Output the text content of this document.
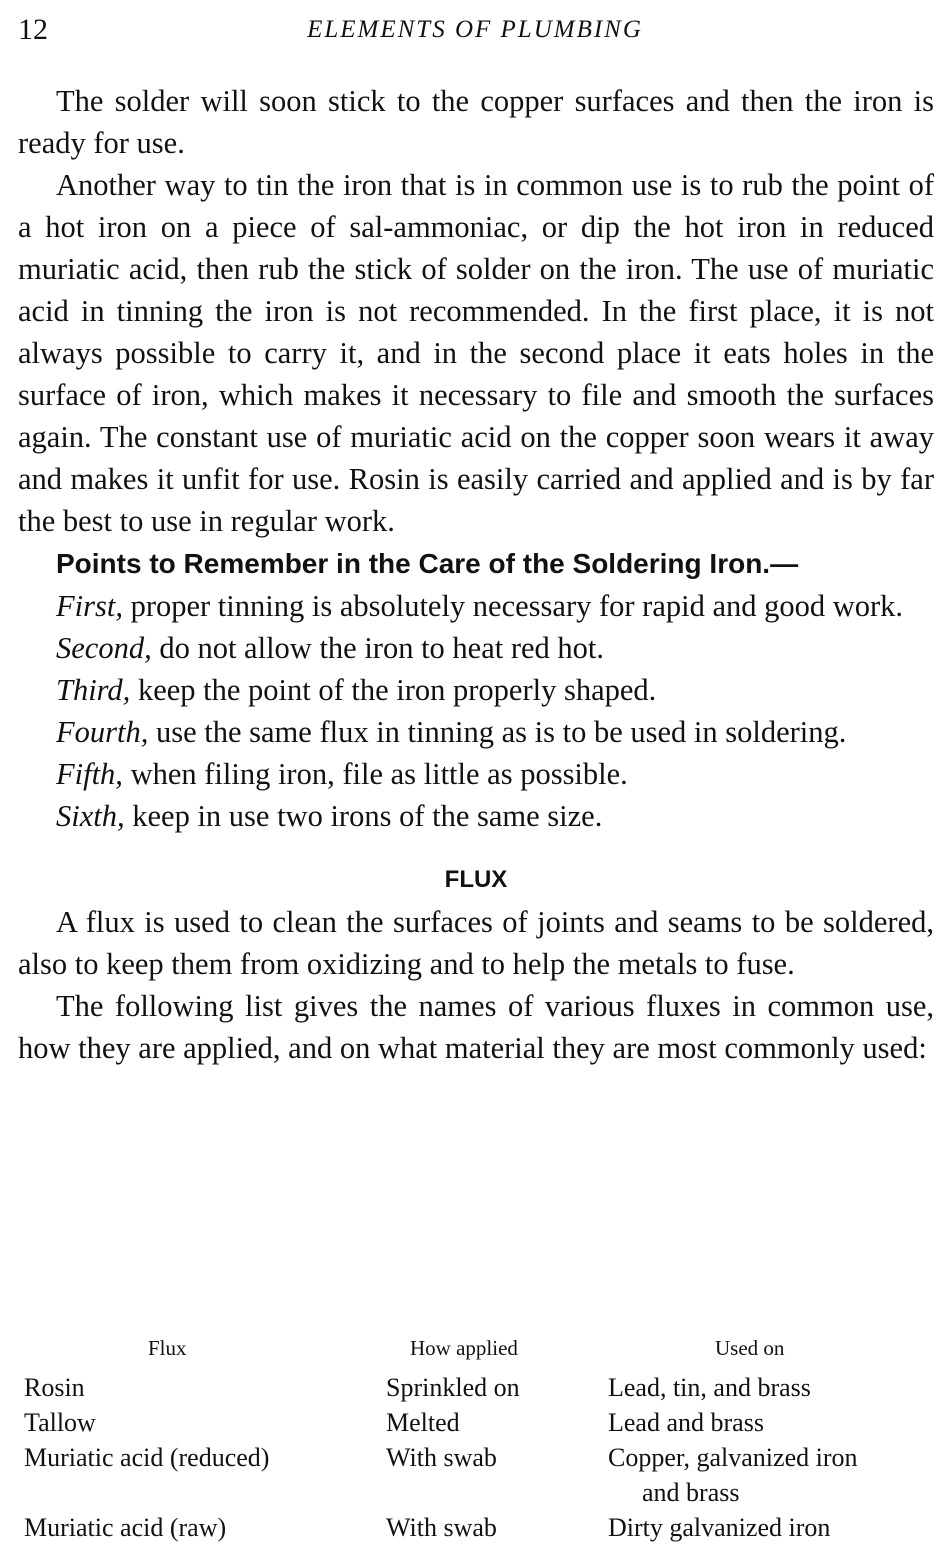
12	ELEMENTS OF PLUMBING

The solder will soon stick to the copper surfaces and then the iron is ready for use.

Another way to tin the iron that is in common use is to rub the point of a hot iron on a piece of sal-ammoniac, or dip the hot iron in reduced muriatic acid, then rub the stick of solder on the iron. The use of muriatic acid in tinning the iron is not recommended. In the first place, it is not always possible to carry it, and in the second place it eats holes in the surface of iron, which makes it necessary to file and smooth the surfaces again. The constant use of muriatic acid on the copper soon wears it away and makes it unfit for use. Rosin is easily carried and applied and is by far the best to use in regular work.

Points to Remember in the Care of the Soldering Iron.—

First, proper tinning is absolutely necessary for rapid and good work.

Second, do not allow the iron to heat red hot.

Third, keep the point of the iron properly shaped.

Fourth, use the same flux in tinning as is to be used in soldering.

Fifth, when filing iron, file as little as possible.

Sixth, keep in use two irons of the same size.

FLUX

A flux is used to clean the surfaces of joints and seams to be soldered, also to keep them from oxidizing and to help the metals to fuse.

The following list gives the names of various fluxes in common use, how they are applied, and on what material they are most commonly used:

Flux	How applied	Used on
Rosin	Sprinkled on	Lead, tin, and brass
Tallow	Melted	Lead and brass
Muriatic acid (reduced)	With swab	Copper, galvanized iron
and brass
Muriatic acid (raw)	With swab	Dirty galvanized iron
